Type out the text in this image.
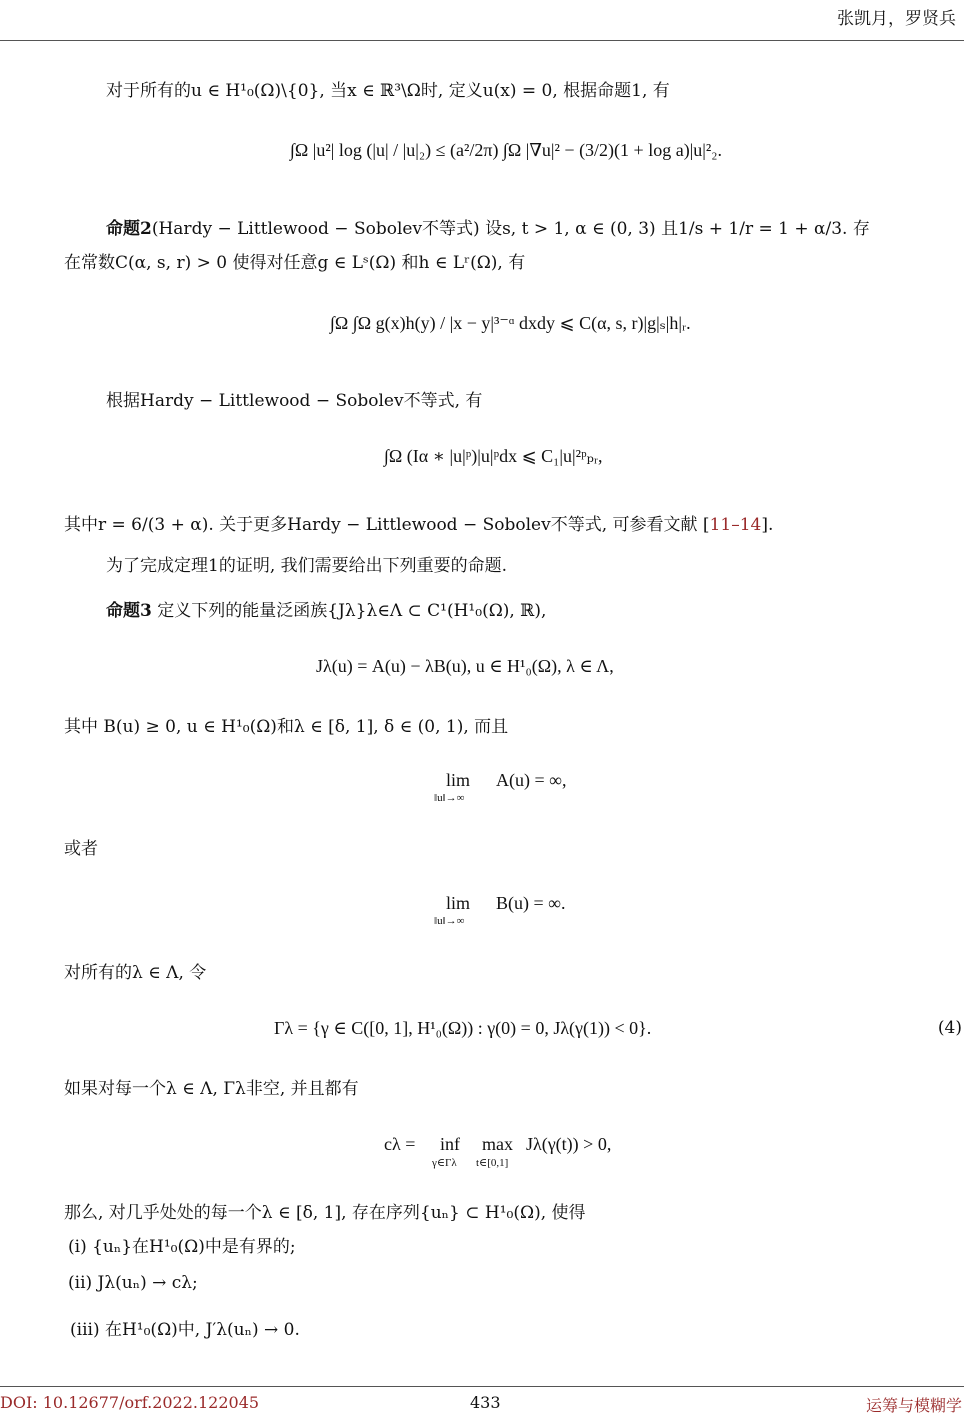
张凯月，罗贤兵
对于所有的u ∈ H¹₀(Ω)\{0}, 当x ∈ ℝ³\Ω时, 定义u(x) = 0, 根据命题1, 有
∫Ω |u²| log (|u| / |u|₂) ≤ (a²/2π) ∫Ω |∇u|² − (3/2)(1 + log a)|u|²₂.
命题2(Hardy − Littlewood − Sobolev不等式) 设s, t > 1, α ∈ (0, 3) 且1/s + 1/r = 1 + α/3. 存
在常数C(α, s, r) > 0 使得对任意g ∈ Lˢ(Ω) 和h ∈ Lʳ(Ω), 有
∫Ω ∫Ω g(x)h(y) / |x − y|³⁻ᵅ dxdy ⩽ C(α, s, r)|g|ₛ|h|ᵣ.
根据Hardy − Littlewood − Sobolev不等式, 有
∫Ω (Iα ∗ |u|ᵖ)|u|ᵖdx ⩽ C₁|u|²ᵖₚᵣ,
其中r = 6/(3 + α). 关于更多Hardy − Littlewood − Sobolev不等式, 可参看文献 [11–14].
为了完成定理1的证明, 我们需要给出下列重要的命题.
命题3 定义下列的能量泛函族{Jλ}λ∈Λ ⊂ C¹(H¹₀(Ω), ℝ),
Jλ(u) = A(u) − λB(u), u ∈ H¹₀(Ω), λ ∈ Λ,
其中 B(u) ≥ 0, u ∈ H¹₀(Ω)和λ ∈ [δ, 1], δ ∈ (0, 1), 而且
lim
‖u‖→∞
A(u) = ∞,
或者
lim
‖u‖→∞
B(u) = ∞.
对所有的λ ∈ Λ, 令
Γλ = {γ ∈ C([0, 1], H¹₀(Ω)) : γ(0) = 0, Jλ(γ(1)) < 0}.	(4)
如果对每一个λ ∈ Λ, Γλ非空, 并且都有
cλ = inf
γ∈Γλ
max
t∈[0,1]
Jλ(γ(t)) > 0,
那么, 对几乎处处的每一个λ ∈ [δ, 1], 存在序列{uₙ} ⊂ H¹₀(Ω), 使得
(i) {uₙ}在H¹₀(Ω)中是有界的;
(ii) Jλ(uₙ) → cλ;
(iii) 在H¹₀(Ω)中, J′λ(uₙ) → 0.
DOI: 10.12677/orf.2022.122045	433	运筹与模糊学
